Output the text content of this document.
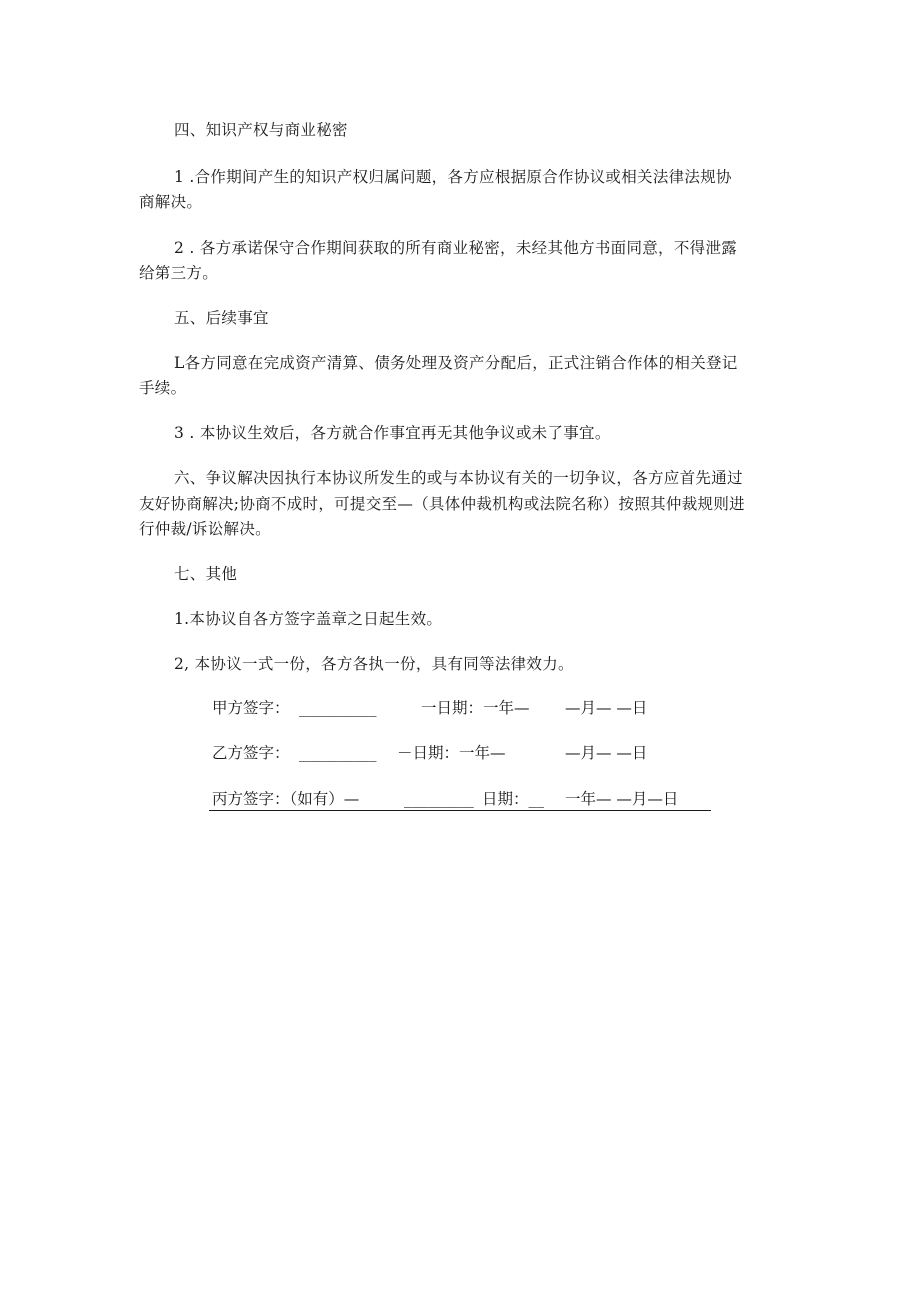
四、知识产权与商业秘密
1 .合作期间产生的知识产权归属问题，各方应根据原合作协议或相关法律法规协
商解决。
2 . 各方承诺保守合作期间获取的所有商业秘密，未经其他方书面同意，不得泄露
给第三方。
五、后续事宜
L各方同意在完成资产清算、债务处理及资产分配后，正式注销合作体的相关登记
手续。
3 . 本协议生效后，各方就合作事宜再无其他争议或未了事宜。
六、争议解决因执行本协议所发生的或与本协议有关的一切争议，各方应首先通过
友好协商解决;协商不成时，可提交至—（具体仲裁机构或法院名称）按照其仲裁规则进
行仲裁/诉讼解决。
七、其他
1.本协议自各方签字盖章之日起生效。
2, 本协议一式一份，各方各执一份，具有同等法律效力。
甲方签字： __________	一日期：一年— —月— —日
乙方签字： __________ －日期：一年—	—月— —日
丙方签字：（如有）—	_________ 日期：__ 一年— —月—日
